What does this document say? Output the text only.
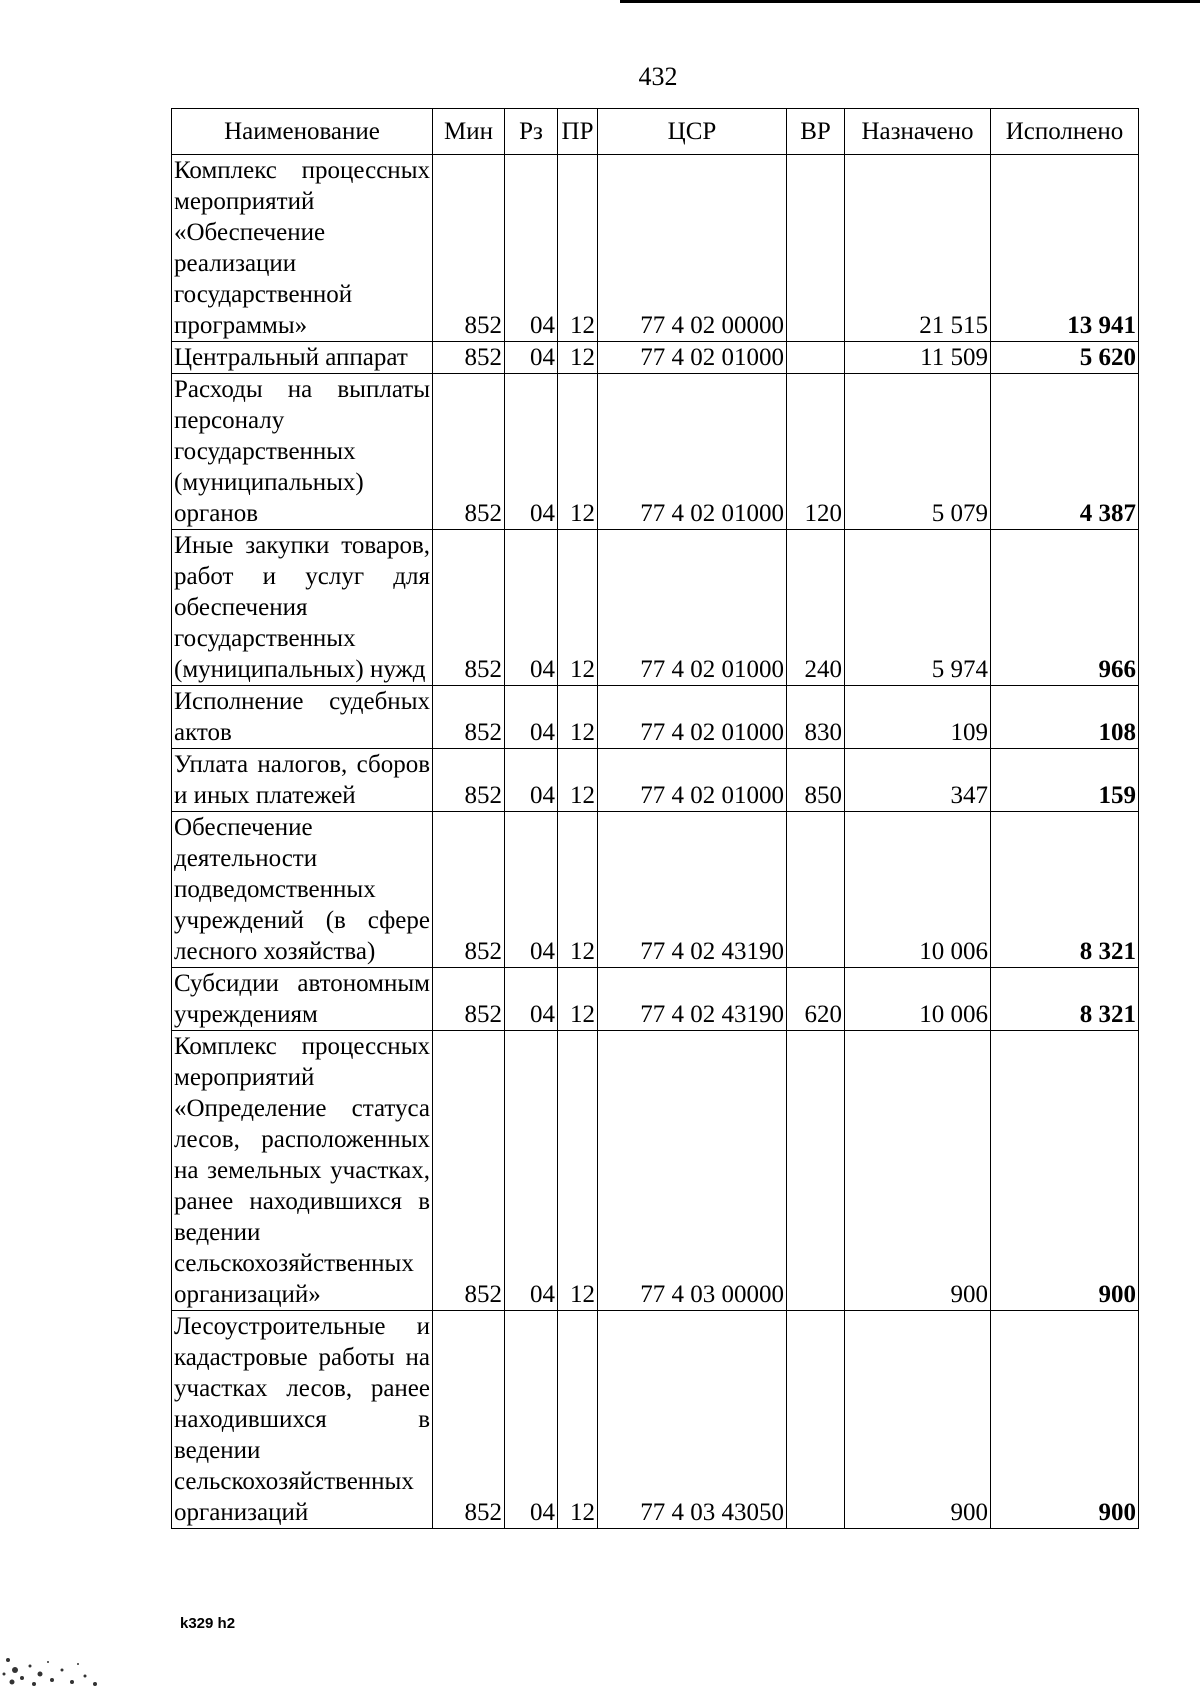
432
Наименование	Мин	Рз	ПР	ЦСР	ВР	Назначено	Исполнено
Комплекс процессных мероприятий «Обеспечение реализации государственной программы»	852	04	12	77 4 02 00000		21 515	13 941
Центральный аппарат	852	04	12	77 4 02 01000		11 509	5 620
Расходы на выплаты персоналу государственных (муниципальных) органов	852	04	12	77 4 02 01000	120	5 079	4 387
Иные закупки товаров, работ и услуг для обеспечения государственных (муниципальных) нужд	852	04	12	77 4 02 01000	240	5 974	966
Исполнение судебных актов	852	04	12	77 4 02 01000	830	109	108
Уплата налогов, сборов и иных платежей	852	04	12	77 4 02 01000	850	347	159
Обеспечение деятельности подведомственных учреждений (в сфере лесного хозяйства)	852	04	12	77 4 02 43190		10 006	8 321
Субсидии автономным учреждениям	852	04	12	77 4 02 43190	620	10 006	8 321
Комплекс процессных мероприятий «Определение статуса лесов, расположенных на земельных участках, ранее находившихся в ведении сельскохозяйственных организаций»	852	04	12	77 4 03 00000		900	900
Лесоустроительные и кадастровые работы на участках лесов, ранее находившихся в ведении сельскохозяйственных организаций	852	04	12	77 4 03 43050		900	900
k329 h2
